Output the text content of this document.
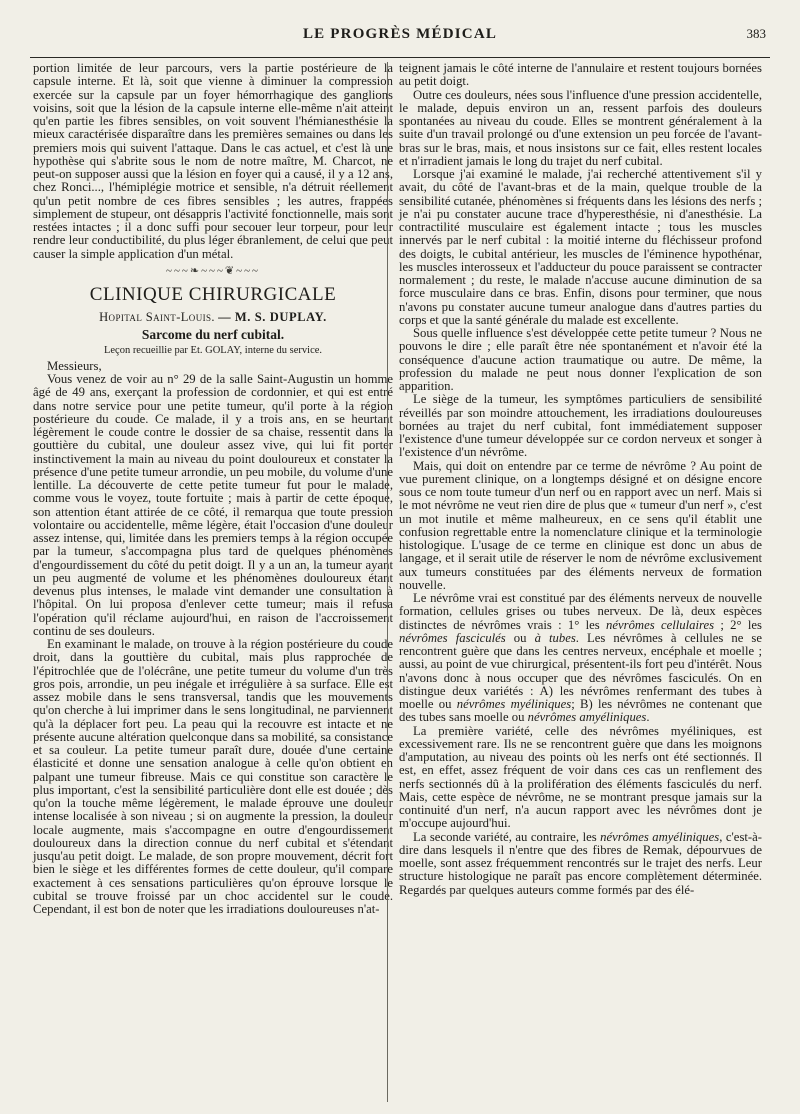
LE PROGRÈS MÉDICAL	383

portion limitée de leur parcours, vers la partie postérieure de la capsule interne. Et là, soit que vienne à diminuer la compression exercée sur la capsule par un foyer hémorrhagique des ganglions voisins, soit que la lésion de la capsule interne elle-même n'ait atteint qu'en partie les fibres sensibles, on voit souvent l'hémianesthésie la mieux caractérisée disparaître dans les premières semaines ou dans les premiers mois qui suivent l'attaque. Dans le cas actuel, et c'est là une hypothèse qui s'abrite sous le nom de notre maître, M. Charcot, ne peut-on supposer aussi que la lésion en foyer qui a causé, il y a 12 ans, chez Ronci..., l'hémiplégie motrice et sensible, n'a détruit réellement qu'un petit nombre de ces fibres sensibles ; les autres, frappées simplement de stupeur, ont désappris l'activité fonctionnelle, mais sont restées intactes ; il a donc suffi pour secouer leur torpeur, pour leur rendre leur conductibilité, du plus léger ébranlement, de celui que peut causer la simple application d'un métal.

~~~❧~~~❦~~~
CLINIQUE CHIRURGICALE
Hopital Saint-Louis. — M. S. DUPLAY.
Sarcome du nerf cubital.
Leçon recueillie par Et. GOLAY, interne du service.

Messieurs,

Vous venez de voir au n° 29 de la salle Saint-Augustin un homme âgé de 49 ans, exerçant la profession de cordonnier, et qui est entré dans notre service pour une petite tumeur, qu'il porte à la région postérieure du coude. Ce malade, il y a trois ans, en se heurtant légèrement le coude contre le dossier de sa chaise, ressentit dans la gouttière du cubital, une douleur assez vive, qui lui fit porter instinctivement la main au niveau du point douloureux et constater la présence d'une petite tumeur arrondie, un peu mobile, du volume d'une lentille. La découverte de cette petite tumeur fut pour le malade, comme vous le voyez, toute fortuite ; mais à partir de cette époque, son attention étant attirée de ce côté, il remarqua que toute pression volontaire ou accidentelle, même légère, était l'occasion d'une douleur assez intense, qui, limitée dans les premiers temps à la région occupée par la tumeur, s'accompagna plus tard de quelques phénomènes d'engourdissement du côté du petit doigt. Il y a un an, la tumeur ayant un peu augmenté de volume et les phénomènes douloureux étant devenus plus intenses, le malade vint demander une consultation à l'hôpital. On lui proposa d'enlever cette tumeur; mais il refusa l'opération qu'il réclame aujourd'hui, en raison de l'accroissement continu de ses douleurs.

En examinant le malade, on trouve à la région postérieure du coude droit, dans la gouttière du cubital, mais plus rapprochée de l'épitrochlée que de l'olécrâne, une petite tumeur du volume d'un très gros pois, arrondie, un peu inégale et irrégulière à sa surface. Elle est assez mobile dans le sens transversal, tandis que les mouvements qu'on cherche à lui imprimer dans le sens longitudinal, ne parviennent qu'à la déplacer fort peu. La peau qui la recouvre est intacte et ne présente aucune altération quelconque dans sa mobilité, sa consistance et sa couleur. La petite tumeur paraît dure, douée d'une certaine élasticité et donne une sensation analogue à celle qu'on obtient en palpant une tumeur fibreuse. Mais ce qui constitue son caractère le plus important, c'est la sensibilité particulière dont elle est douée ; dès qu'on la touche même légèrement, le malade éprouve une douleur intense localisée à son niveau ; si on augmente la pression, la douleur locale augmente, mais s'accompagne en outre d'engourdissement douloureux dans la direction connue du nerf cubital et s'étendant jusqu'au petit doigt. Le malade, de son propre mouvement, décrit fort bien le siège et les différentes formes de cette douleur, qu'il compare exactement à ces sensations particulières qu'on éprouve lorsque le cubital se trouve froissé par un choc accidentel sur le coude. Cependant, il est bon de noter que les irradiations douloureuses n'at-

teignent jamais le côté interne de l'annulaire et restent toujours bornées au petit doigt.

Outre ces douleurs, nées sous l'influence d'une pression accidentelle, le malade, depuis environ un an, ressent parfois des douleurs spontanées au niveau du coude. Elles se montrent généralement à la suite d'un travail prolongé ou d'une extension un peu forcée de l'avant-bras sur le bras, mais, et nous insistons sur ce fait, elles restent locales et n'irradient jamais le long du trajet du nerf cubital.

Lorsque j'ai examiné le malade, j'ai recherché attentivement s'il y avait, du côté de l'avant-bras et de la main, quelque trouble de la sensibilité cutanée, phénomènes si fréquents dans les lésions des nerfs ; je n'ai pu constater aucune trace d'hyperesthésie, ni d'anesthésie. La contractilité musculaire est également intacte ; tous les muscles innervés par le nerf cubital : la moitié interne du fléchisseur profond des doigts, le cubital antérieur, les muscles de l'éminence hypothénar, les muscles interosseux et l'adducteur du pouce paraissent se contracter normalement ; du reste, le malade n'accuse aucune diminution de sa force musculaire dans ce bras. Enfin, disons pour terminer, que nous n'avons pu constater aucune tumeur analogue dans d'autres parties du corps et que la santé générale du malade est excellente.

Sous quelle influence s'est développée cette petite tumeur ? Nous ne pouvons le dire ; elle paraît être née spontanément et n'avoir été la conséquence d'aucune action traumatique ou autre. De même, la profession du malade ne peut nous donner l'explication de son apparition.

Le siège de la tumeur, les symptômes particuliers de sensibilité réveillés par son moindre attouchement, les irradiations douloureuses bornées au trajet du nerf cubital, font immédiatement supposer l'existence d'une tumeur développée sur ce cordon nerveux et songer à l'existence d'un névrôme.

Mais, qui doit on entendre par ce terme de névrôme ? Au point de vue purement clinique, on a longtemps désigné et on désigne encore sous ce nom toute tumeur d'un nerf ou en rapport avec un nerf. Mais si le mot névrôme ne veut rien dire de plus que « tumeur d'un nerf », c'est un mot inutile et même malheureux, en ce sens qu'il établit une confusion regrettable entre la nomenclature clinique et la terminologie histologique. L'usage de ce terme en clinique est donc un abus de langage, et il serait utile de réserver le nom de névrôme exclusivement aux tumeurs constituées par des éléments nerveux de formation nouvelle.

Le névrôme vrai est constitué par des éléments nerveux de nouvelle formation, cellules grises ou tubes nerveux. De là, deux espèces distinctes de névrômes vrais : 1° les névrômes cellulaires ; 2° les névrômes fasciculés ou à tubes. Les névrômes à cellules ne se rencontrent guère que dans les centres nerveux, encéphale et moelle ; aussi, au point de vue chirurgical, présentent-ils fort peu d'intérêt. Nous n'avons donc à nous occuper que des névrômes fasciculés. On en distingue deux variétés : A) les névrômes renfermant des tubes à moelle ou névrômes myéliniques; B) les névrômes ne contenant que des tubes sans moelle ou névrômes amyéliniques.

La première variété, celle des névrômes myéliniques, est excessivement rare. Ils ne se rencontrent guère que dans les moignons d'amputation, au niveau des points où les nerfs ont été sectionnés. Il est, en effet, assez fréquent de voir dans ces cas un renflement des nerfs sectionnés dû à la prolifération des éléments fasciculés du nerf. Mais, cette espèce de névrôme, ne se montrant presque jamais sur la continuité d'un nerf, n'a aucun rapport avec les névrômes dont je m'occupe aujourd'hui.

La seconde variété, au contraire, les névrômes amyéliniques, c'est-à-dire dans lesquels il n'entre que des fibres de Remak, dépourvues de moelle, sont assez fréquemment rencontrés sur le trajet des nerfs. Leur structure histologique ne paraît pas encore complètement déterminée. Regardés par quelques auteurs comme formés par des élé-
